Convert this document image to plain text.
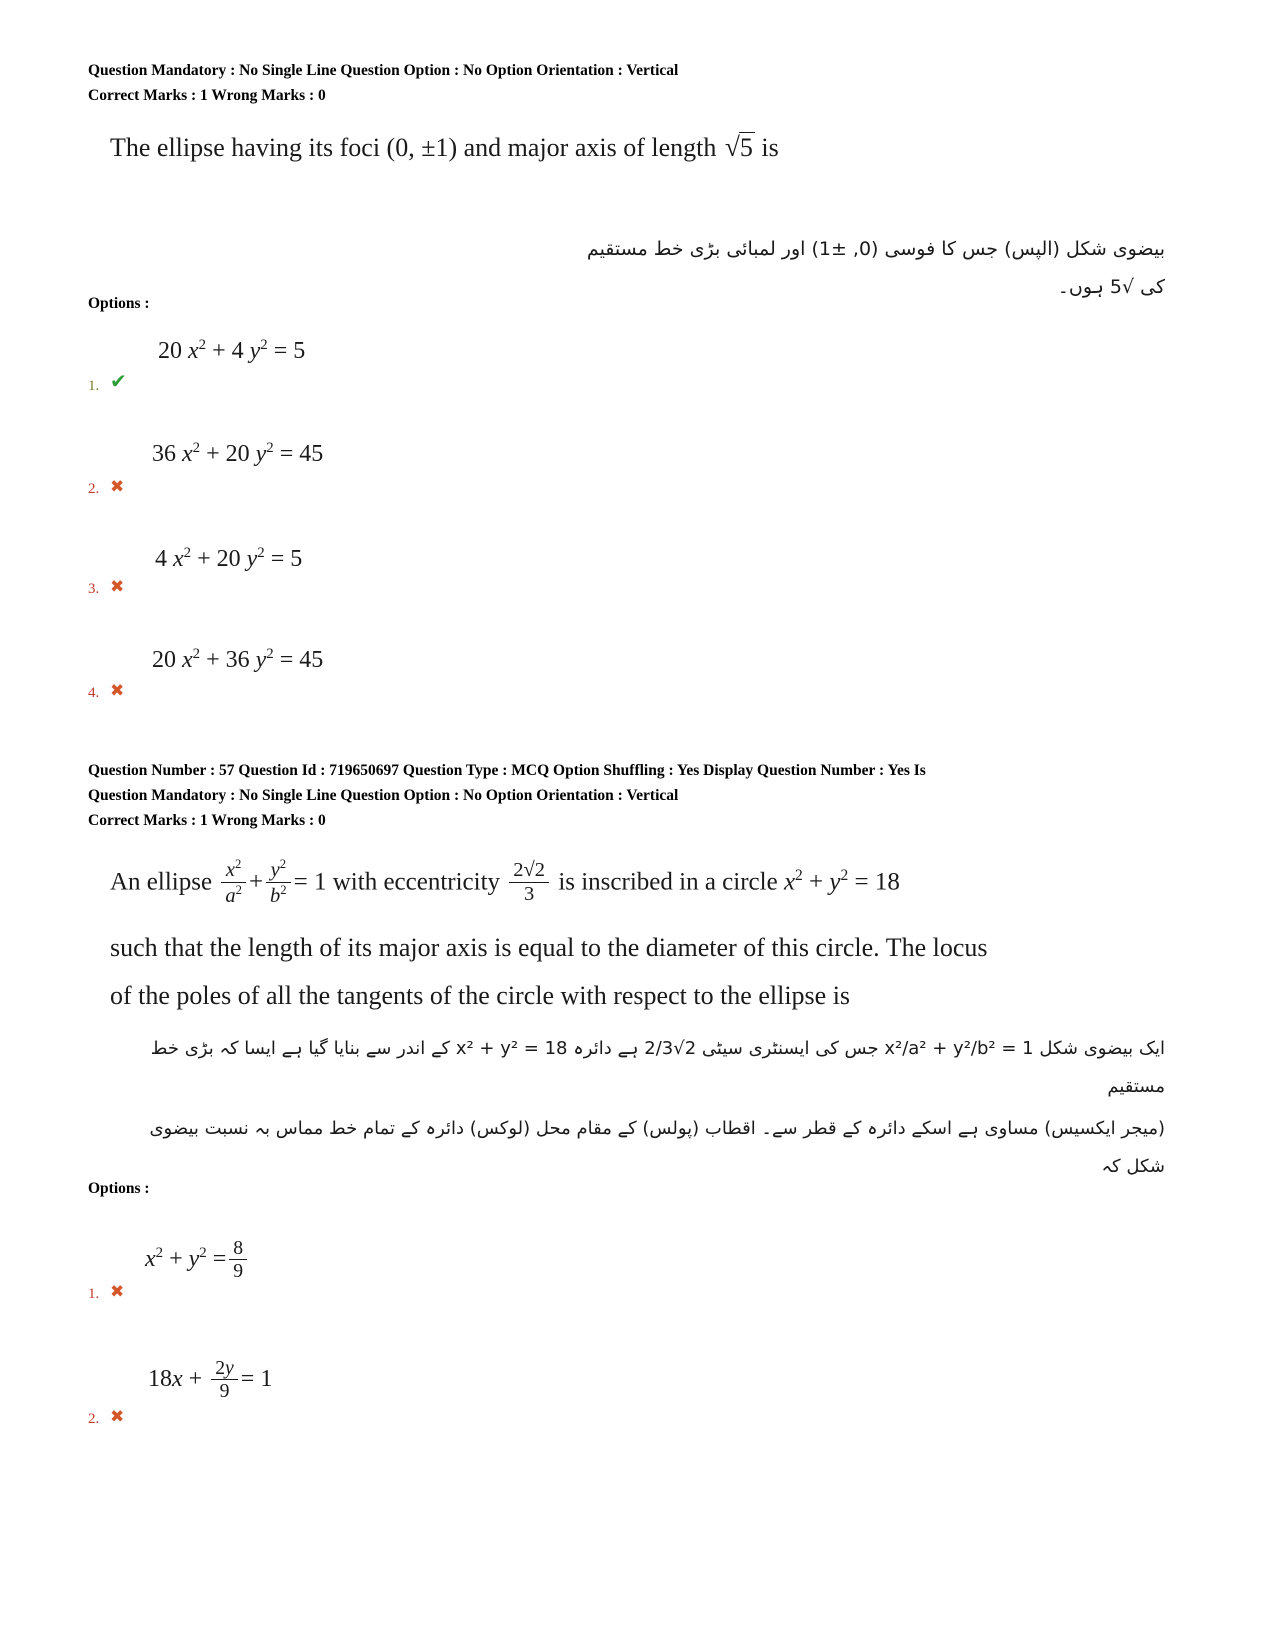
Question Mandatory : No Single Line Question Option : No Option Orientation : Vertical
Correct Marks : 1 Wrong Marks : 0
The ellipse having its foci (0, ±1) and major axis of length √5 is
بیضوی شکل (الپس) جس کا فوسی (0, ±1) اور لمبائی بڑی خط مستقیم کی √5 ہوں۔
Options :
1. ✔
20 $x^2 + 4$ $y^2 = 5$
2. ✖
36 $x^2 + 20$ $y^2 = 45$
3. ✖
4 $x^2 + 20$ $y^2 = 5$
4. ✖
20 $x^2 + 36$ $y^2 = 45$
Question Number : 57 Question Id : 719650697 Question Type : MCQ Option Shuffling : Yes Display Question Number : Yes Is
Question Mandatory : No Single Line Question Option : No Option Orientation : Vertical
Correct Marks : 1 Wrong Marks : 0
An ellipse $\frac{x^2}{a^2} + \frac{y^2}{b^2} = 1$ with eccentricity $\frac{2√2}{3}$ is inscribed in a circle $x^2 + y^2 = 18$
such that the length of its major axis is equal to the diameter of this circle. The locus
of the poles of all the tangents of the circle with respect to the ellipse is
ایک بیضوی شکل 1 = x²/a² + y²/b² جس کی ایسنٹری سیٹی 2√2/3 ہے دائرہ x² + y² = 18 کے اندر سے بنایا گیا ہے ایسا کہ بڑی خط مستقیم
(میجر ایکسیس) مساوی ہے اسکے دائرہ کے قطر سے۔ اقطاب (پولس) کے مقام محل (لوکس) دائرہ کے تمام خط مماس بہ نسبت بیضوی شکل کہ
Options :
1. ✖
$x^2 + y^2 = \frac{8}{9}$
2. ✖
$18x + \frac{2y}{9} = 1$
